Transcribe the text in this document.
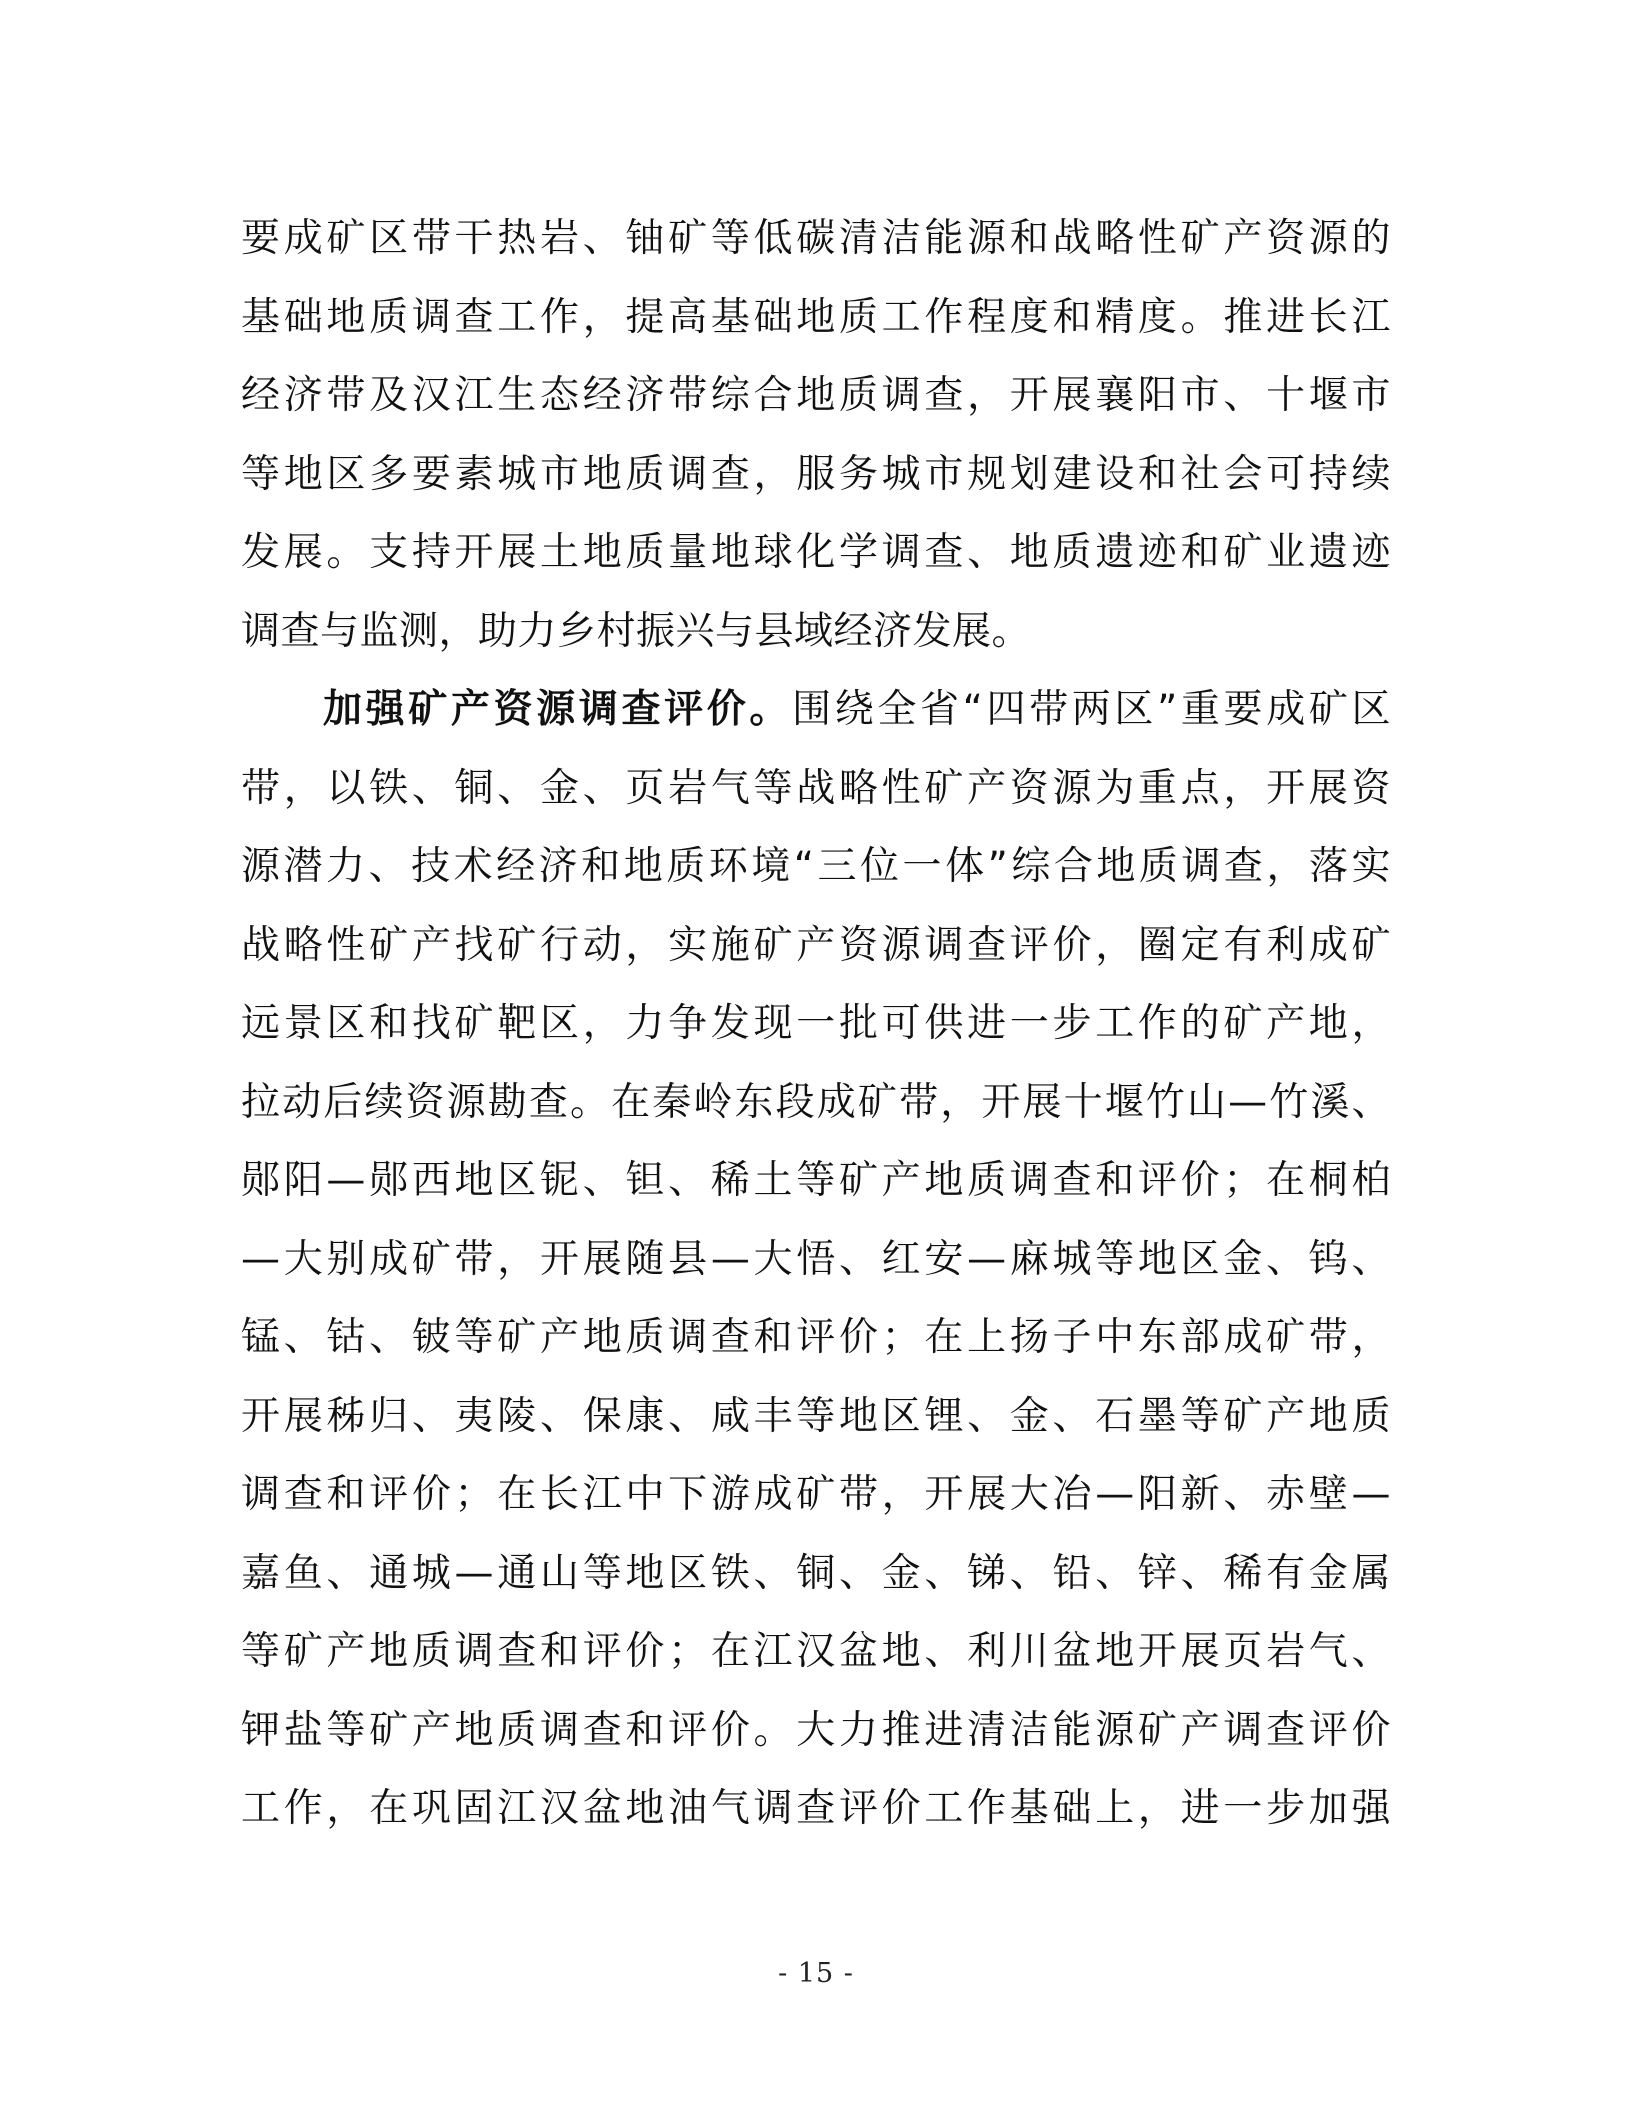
要成矿区带干热岩、铀矿等低碳清洁能源和战略性矿产资源的
基础地质调查工作，提高基础地质工作程度和精度。推进长江
经济带及汉江生态经济带综合地质调查，开展襄阳市、十堰市
等地区多要素城市地质调查，服务城市规划建设和社会可持续
发展。支持开展土地质量地球化学调查、地质遗迹和矿业遗迹
调查与监测，助力乡村振兴与县域经济发展。
加强矿产资源调查评价。围绕全省“四带两区”重要成矿区
带，以铁、铜、金、页岩气等战略性矿产资源为重点，开展资
源潜力、技术经济和地质环境“三位一体”综合地质调查，落实
战略性矿产找矿行动，实施矿产资源调查评价，圈定有利成矿
远景区和找矿靶区，力争发现一批可供进一步工作的矿产地，
拉动后续资源勘查。在秦岭东段成矿带，开展十堰竹山—竹溪、
郧阳—郧西地区铌、钽、稀土等矿产地质调查和评价；在桐柏
—大别成矿带，开展随县—大悟、红安—麻城等地区金、钨、
锰、钴、铍等矿产地质调查和评价；在上扬子中东部成矿带，
开展秭归、夷陵、保康、咸丰等地区锂、金、石墨等矿产地质
调查和评价；在长江中下游成矿带，开展大冶—阳新、赤壁—
嘉鱼、通城—通山等地区铁、铜、金、锑、铅、锌、稀有金属
等矿产地质调查和评价；在江汉盆地、利川盆地开展页岩气、
钾盐等矿产地质调查和评价。大力推进清洁能源矿产调查评价
工作，在巩固江汉盆地油气调查评价工作基础上，进一步加强
- 15 -
